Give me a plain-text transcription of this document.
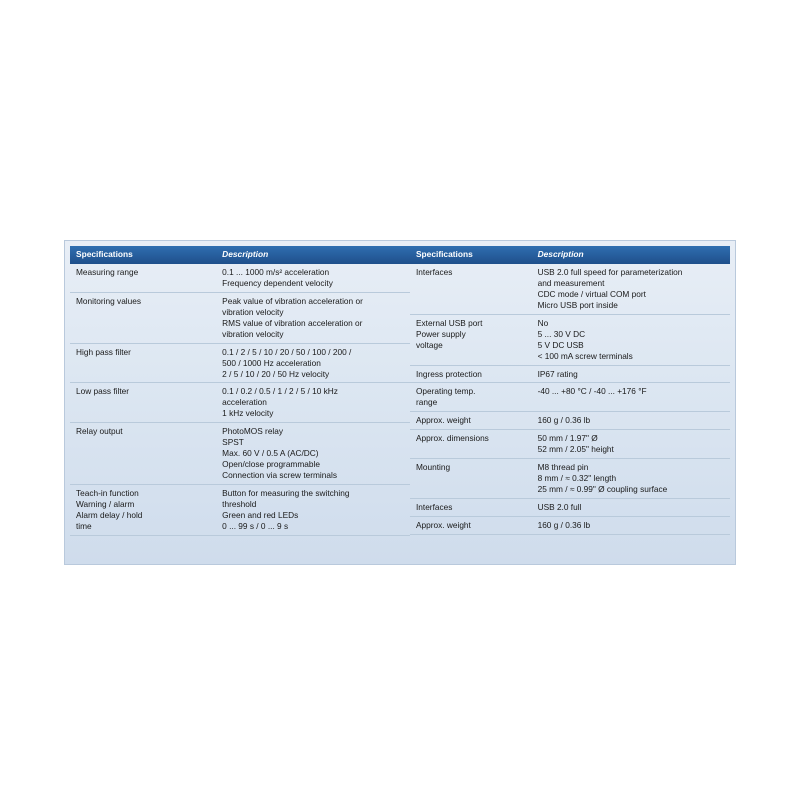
Specifications	Description

Measuring range	0.1 ... 1000 m/s² acceleration
Frequency dependent velocity

Monitoring values	Peak value of vibration acceleration or
vibration velocity
RMS value of vibration acceleration or
vibration velocity

High pass filter	0.1 / 2 / 5 / 10 / 20 / 50 / 100 / 200 /
500 / 1000 Hz acceleration
2 / 5 / 10 / 20 / 50 Hz velocity

Low pass filter	0.1 / 0.2 / 0.5 / 1 / 2 / 5 / 10 kHz
acceleration
1 kHz velocity

Relay output	PhotoMOS relay
SPST
Max. 60 V / 0.5 A (AC/DC)
Open/close programmable
Connection via screw terminals

Teach-in function
Warning / alarm
Alarm delay / hold
time	Button for measuring the switching
threshold
Green and red LEDs
0 ... 99 s / 0 ... 9 s
Specifications	Description

Interfaces	USB 2.0 full speed for parameterization
and measurement
CDC mode / virtual COM port
Micro USB port inside

External USB port
Power supply
voltage	No
5 ... 30 V DC
5 V DC USB
< 100 mA screw terminals

Ingress protection	IP67 rating

Operating temp.
range	-40 ... +80 °C / -40 ... +176 °F

Approx. weight	160 g / 0.36 lb

Approx. dimensions	50 mm / 1.97" Ø
52 mm / 2.05" height

Mounting	M8 thread pin
8 mm / ≈ 0.32" length
25 mm / ≈ 0.99" Ø coupling surface

Interfaces	USB 2.0 full

Approx. weight	160 g / 0.36 lb
